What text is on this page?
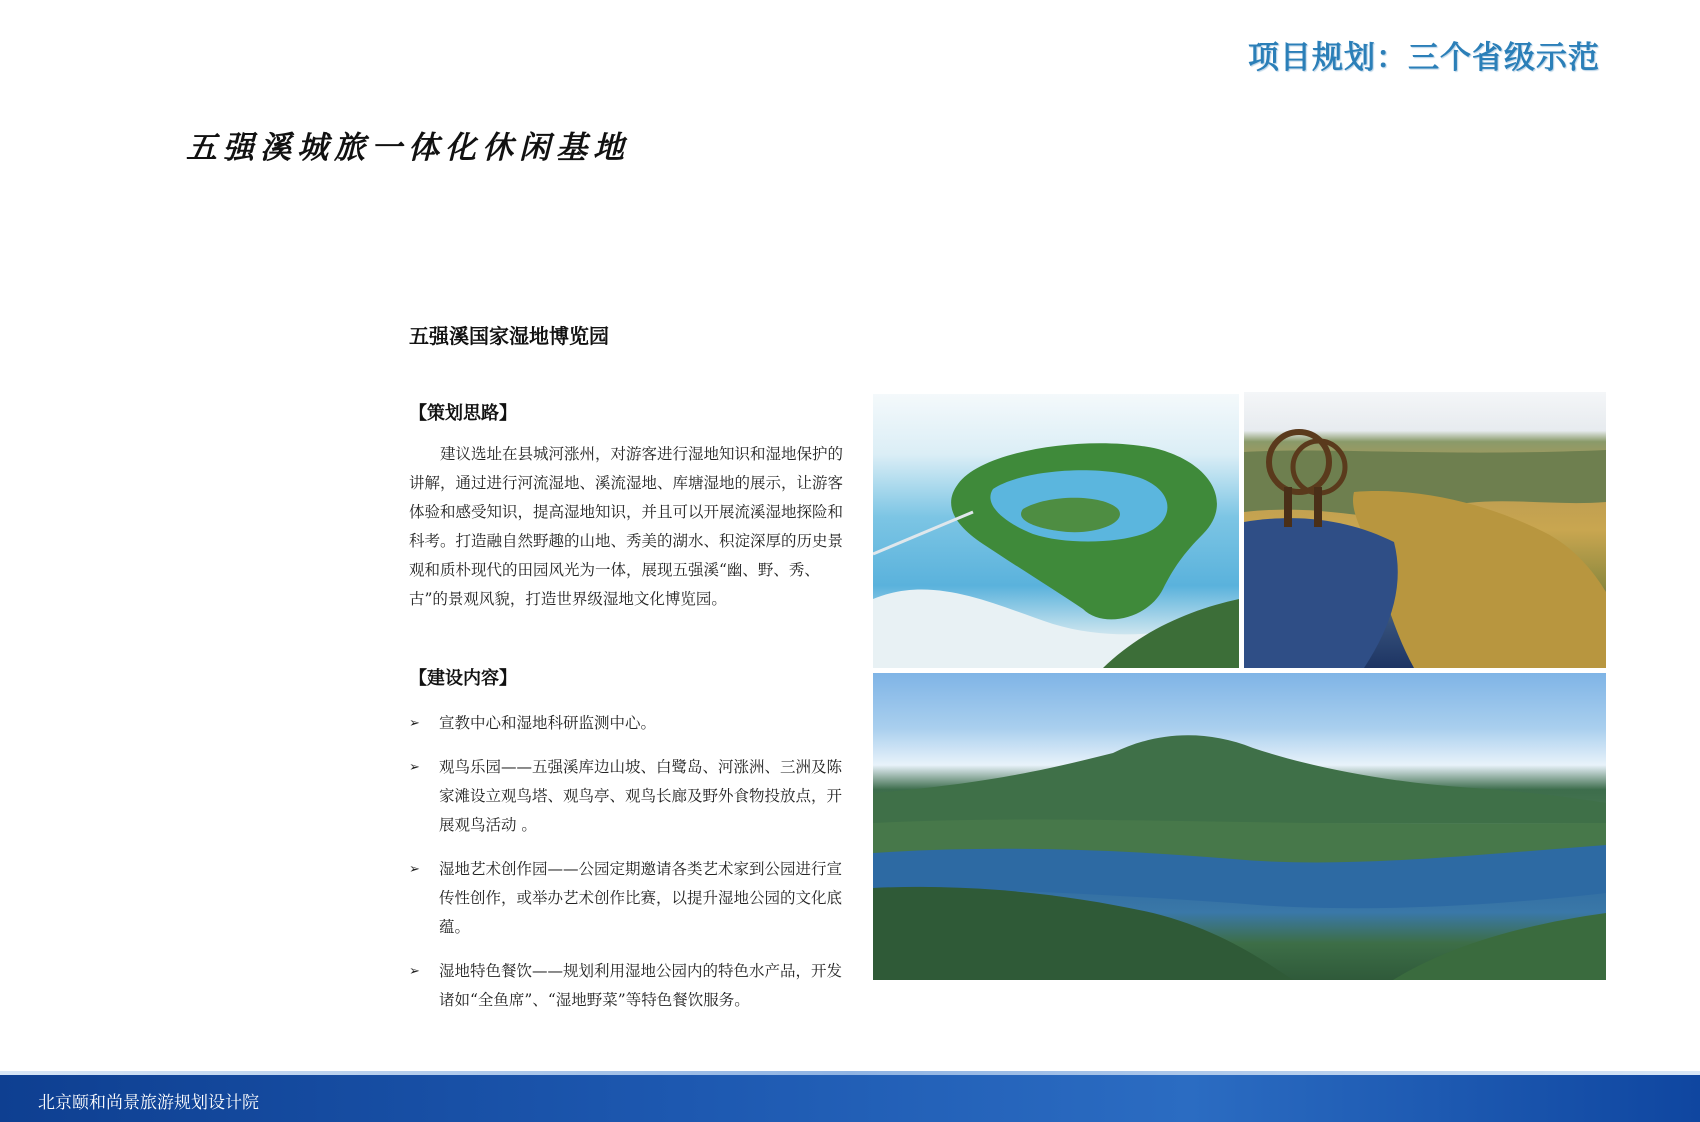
项目规划：三个省级示范
五强溪城旅一体化休闲基地
五强溪国家湿地博览园
【策划思路】

建议选址在县城河涨州，对游客进行湿地知识和湿地保护的讲解，通过进行河流湿地、溪流湿地、库塘湿地的展示，让游客体验和感受知识，提高湿地知识，并且可以开展流溪湿地探险和科考。打造融自然野趣的山地、秀美的湖水、积淀深厚的历史景观和质朴现代的田园风光为一体，展现五强溪“幽、野、秀、古”的景观风貌，打造世界级湿地文化博览园。

【建设内容】
➢ 宣教中心和湿地科研监测中心。
➢ 观鸟乐园——五强溪库边山坡、白鹭岛、河涨洲、三洲及陈家滩设立观鸟塔、观鸟亭、观鸟长廊及野外食物投放点，开展观鸟活动 。
➢ 湿地艺术创作园——公园定期邀请各类艺术家到公园进行宣传性创作，或举办艺术创作比赛，以提升湿地公园的文化底蕴。
➢ 湿地特色餐饮——规划利用湿地公园内的特色水产品，开发诸如“全鱼席”、“湿地野菜”等特色餐饮服务。
北京颐和尚景旅游规划设计院
